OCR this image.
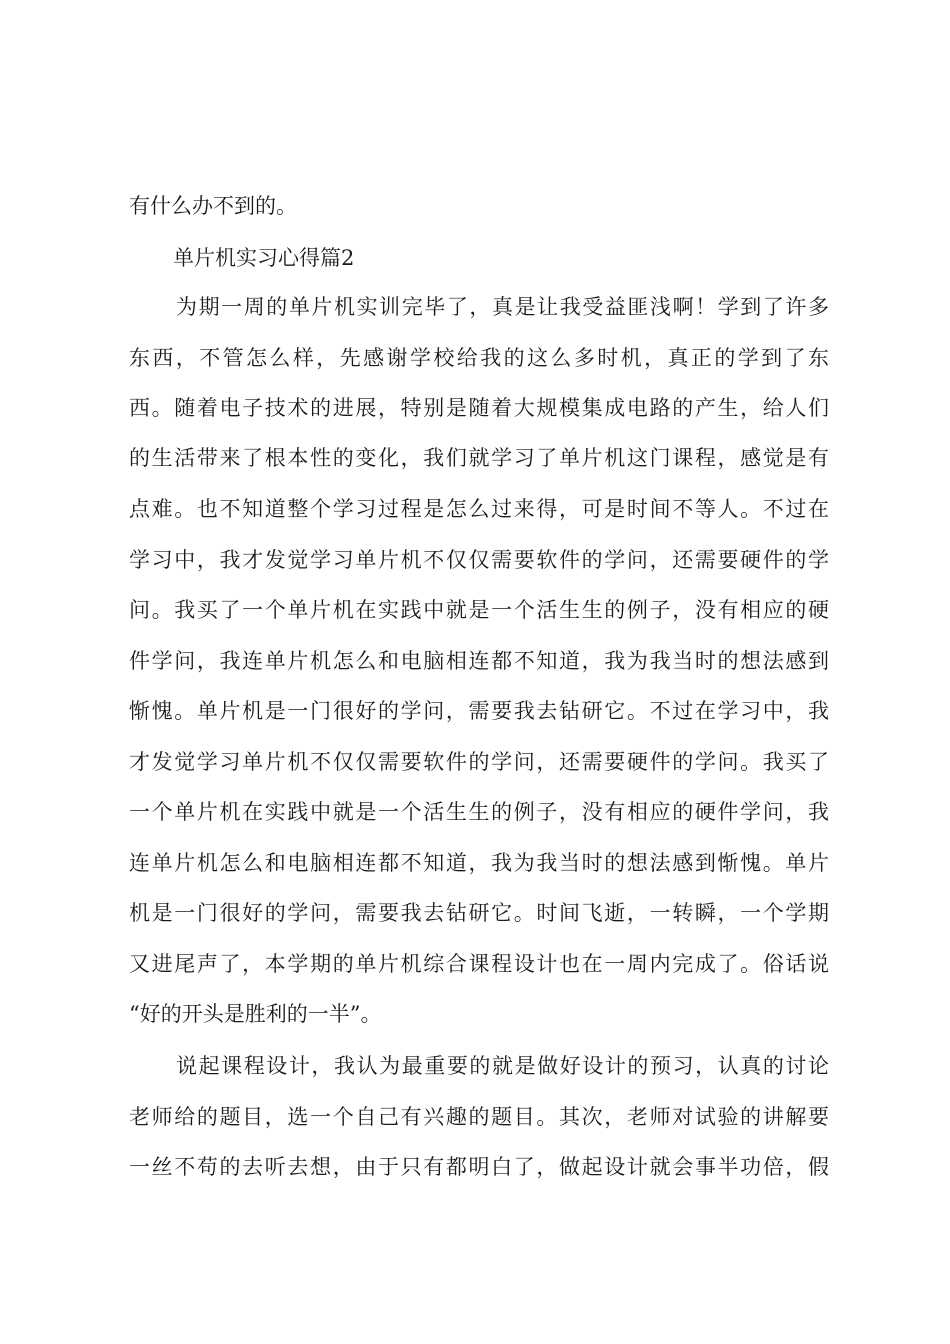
有什么办不到的。
单片机实习心得篇2
为期一周的单片机实训完毕了，真是让我受益匪浅啊！学到了许多
东西，不管怎么样，先感谢学校给我的这么多时机，真正的学到了东
西。随着电子技术的进展，特别是随着大规模集成电路的产生，给人们
的生活带来了根本性的变化，我们就学习了单片机这门课程，感觉是有
点难。也不知道整个学习过程是怎么过来得，可是时间不等人。不过在
学习中，我才发觉学习单片机不仅仅需要软件的学问，还需要硬件的学
问。我买了一个单片机在实践中就是一个活生生的例子，没有相应的硬
件学问，我连单片机怎么和电脑相连都不知道，我为我当时的想法感到
惭愧。单片机是一门很好的学问，需要我去钻研它。不过在学习中，我
才发觉学习单片机不仅仅需要软件的学问，还需要硬件的学问。我买了
一个单片机在实践中就是一个活生生的例子，没有相应的硬件学问，我
连单片机怎么和电脑相连都不知道，我为我当时的想法感到惭愧。单片
机是一门很好的学问，需要我去钻研它。时间飞逝，一转瞬，一个学期
又进尾声了，本学期的单片机综合课程设计也在一周内完成了。俗话说
“好的开头是胜利的一半”。
说起课程设计，我认为最重要的就是做好设计的预习，认真的讨论
老师给的题目，选一个自己有兴趣的题目。其次，老师对试验的讲解要
一丝不苟的去听去想，由于只有都明白了，做起设计就会事半功倍，假
